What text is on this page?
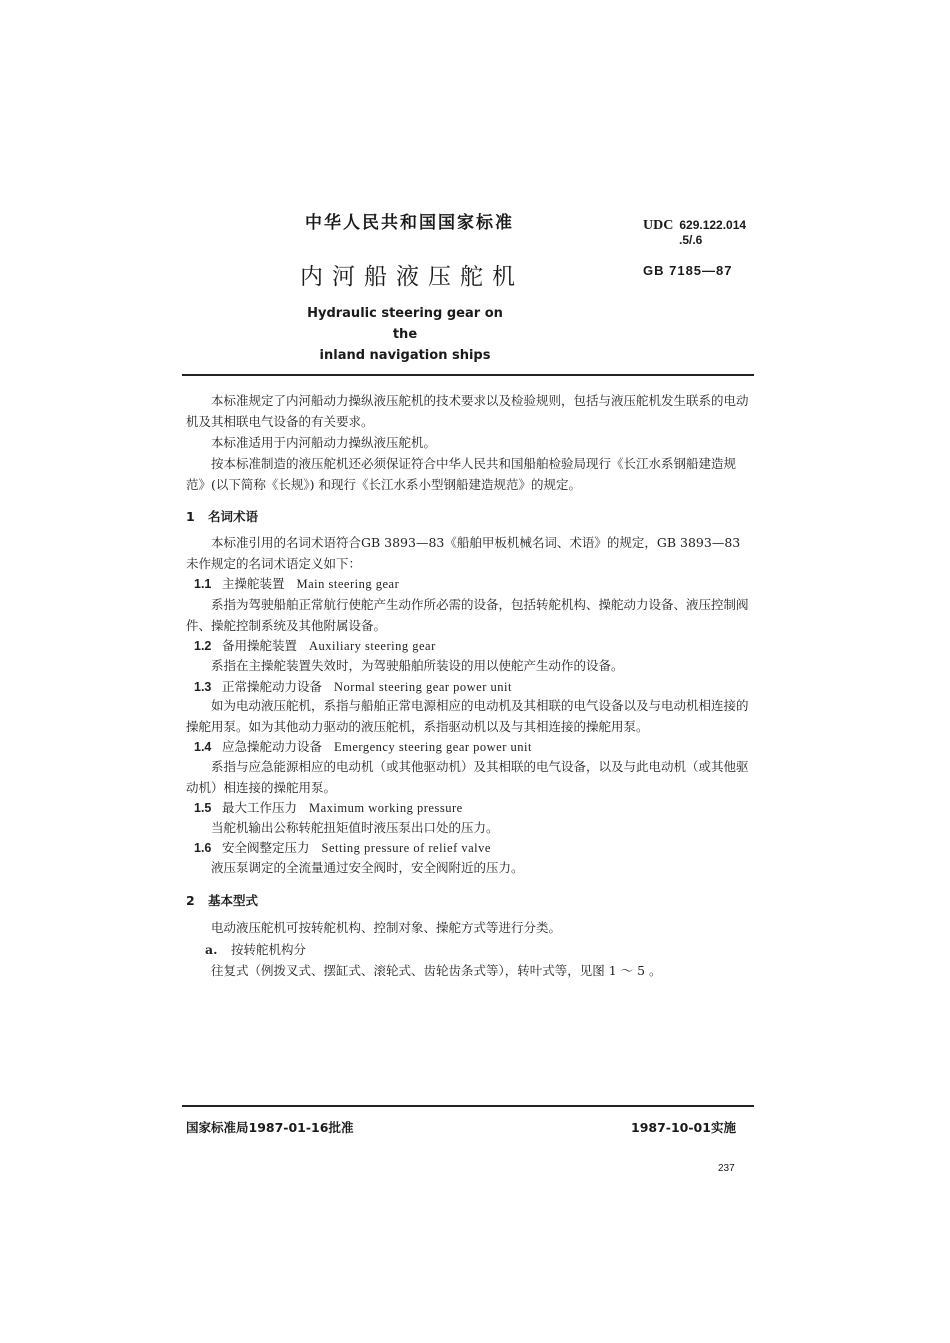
中华人民共和国国家标准	UDC 629.122.014
.5/.6
内河船液压舵机	GB 7185—87
Hydraulic steering gear on the
inland navigation ships
本标准规定了内河船动力操纵液压舵机的技术要求以及检验规则，包括与液压舵机发生联系的电动机及其相联电气设备的有关要求。
本标准适用于内河船动力操纵液压舵机。
按本标准制造的液压舵机还必须保证符合中华人民共和国船舶检验局现行《长江水系钢船建造规范》(以下简称《长规》) 和现行《长江水系小型钢船建造规范》的规定。
1 名词术语
本标准引用的名词术语符合GB 3893—83《船舶甲板机械名词、术语》的规定，GB 3893—83未作规定的名词术语定义如下：
1.1 主操舵装置 Main steering gear
系指为驾驶船舶正常航行使舵产生动作所必需的设备，包括转舵机构、操舵动力设备、液压控制阀件、操舵控制系统及其他附属设备。
1.2 备用操舵装置 Auxiliary steering gear
系指在主操舵装置失效时，为驾驶船舶所装设的用以使舵产生动作的设备。
1.3 正常操舵动力设备 Normal steering gear power unit
如为电动液压舵机，系指与船舶正常电源相应的电动机及其相联的电气设备以及与电动机相连接的操舵用泵。如为其他动力驱动的液压舵机，系指驱动机以及与其相连接的操舵用泵。
1.4 应急操舵动力设备 Emergency steering gear power unit
系指与应急能源相应的电动机（或其他驱动机）及其相联的电气设备，以及与此电动机（或其他驱动机）相连接的操舵用泵。
1.5 最大工作压力 Maximum working pressure
当舵机输出公称转舵扭矩值时液压泵出口处的压力。
1.6 安全阀整定压力 Setting pressure of relief valve
液压泵调定的全流量通过安全阀时，安全阀附近的压力。
2 基本型式
电动液压舵机可按转舵机构、控制对象、操舵方式等进行分类。
a. 按转舵机构分
往复式（例拨叉式、摆缸式、滚轮式、齿轮齿条式等），转叶式等，见图 1 ～ 5 。
国家标准局1987-01-16批准	1987-10-01实施
237
